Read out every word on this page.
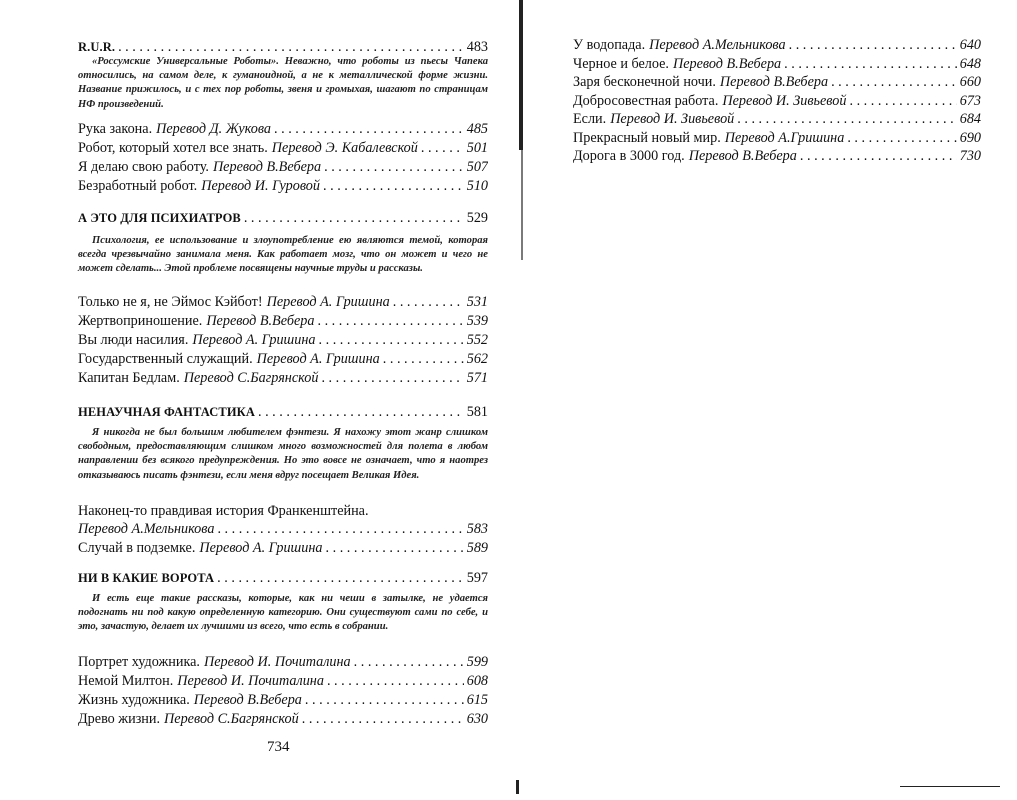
R.U.R. . . .	483
«Россумские Универсальные Роботы». Неважно, что роботы из пьесы Чапека относились, на самом деле, к гуманоидной, а не к металлической форме жизни. Название прижилось, и с тех пор роботы, звеня и громыхая, шагают по страницам НФ произведений.
Рука закона. Перевод Д. Жукова . . .	485
Робот, который хотел все знать. Перевод Э. Кабалевской . . .	501
Я делаю свою работу. Перевод В.Вебера . . .	507
Безработный робот. Перевод И. Гуровой . . .	510
А ЭТО ДЛЯ ПСИХИАТРОВ . . .	529
Психология, ее использование и злоупотребление ею являются темой, которая всегда чрезвычайно занимала меня. Как работает мозг, что он может и чего не может сделать... Этой проблеме посвящены научные труды и рассказы.
Только не я, не Эймос Кэйбот! Перевод А. Гришина . . .	531
Жертвоприношение. Перевод В.Вебера . . .	539
Вы люди насилия. Перевод А. Гришина . . .	552
Государственный служащий. Перевод А. Гришина . . .	562
Капитан Бедлам. Перевод С.Багрянской . . .	571
НЕНАУЧНАЯ ФАНТАСТИКА . . .	581
Я никогда не был большим любителем фэнтези. Я нахожу этот жанр слишком свободным, предоставляющим слишком много возможностей для полета в любом направлении без всякого предупреждения. Но это вовсе не означает, что я наотрез отказываюсь писать фэнтези, если меня вдруг посещает Великая Идея.
Наконец-то правдивая история Франкенштейна.
Перевод А.Мельникова . . .	583
Случай в подземке. Перевод А. Гришина . . .	589
НИ В КАКИЕ ВОРОТА . . .	597
И есть еще такие рассказы, которые, как ни чеши в затылке, не удается подогнать ни под какую определенную категорию. Они существуют сами по себе, и это, зачастую, делает их лучшими из всего, что есть в собрании.
Портрет художника. Перевод И. Почиталина . . .	599
Немой Милтон. Перевод И. Почиталина . . .	608
Жизнь художника. Перевод В.Вебера . . .	615
Древо жизни. Перевод С.Багрянской . . .	630
У водопада. Перевод А.Мельникова . . .	640
Черное и белое. Перевод В.Вебера . . .	648
Заря бесконечной ночи. Перевод В.Вебера . . .	660
Добросовестная работа. Перевод И. Зивьевой . . .	673
Если. Перевод И. Зивьевой . . .	684
Прекрасный новый мир. Перевод А.Гришина . . .	690
Дорога в 3000 год. Перевод В.Вебера . . .	730
734
